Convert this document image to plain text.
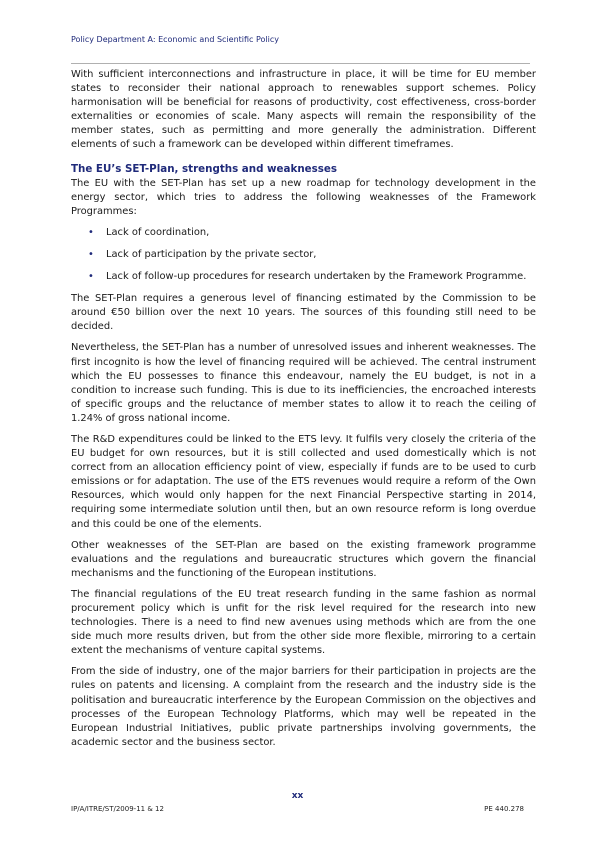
Policy Department A: Economic and Scientific Policy

With sufficient interconnections and infrastructure in place, it will be time for EU member states to reconsider their national approach to renewables support schemes. Policy harmonisation will be beneficial for reasons of productivity, cost effectiveness, cross-border externalities or economies of scale. Many aspects will remain the responsibility of the member states, such as permitting and more generally the administration. Different elements of such a framework can be developed within different timeframes.

The EU’s SET-Plan, strengths and weaknesses

The EU with the SET-Plan has set up a new roadmap for technology development in the energy sector, which tries to address the following weaknesses of the Framework Programmes:

• Lack of coordination,
• Lack of participation by the private sector,
• Lack of follow-up procedures for research undertaken by the Framework Programme.

The SET-Plan requires a generous level of financing estimated by the Commission to be around €50 billion over the next 10 years. The sources of this founding still need to be decided.

Nevertheless, the SET-Plan has a number of unresolved issues and inherent weaknesses. The first incognito is how the level of financing required will be achieved. The central instrument which the EU possesses to finance this endeavour, namely the EU budget, is not in a condition to increase such funding. This is due to its inefficiencies, the encroached interests of specific groups and the reluctance of member states to allow it to reach the ceiling of 1.24% of gross national income.

The R&D expenditures could be linked to the ETS levy. It fulfils very closely the criteria of the EU budget for own resources, but it is still collected and used domestically which is not correct from an allocation efficiency point of view, especially if funds are to be used to curb emissions or for adaptation. The use of the ETS revenues would require a reform of the Own Resources, which would only happen for the next Financial Perspective starting in 2014, requiring some intermediate solution until then, but an own resource reform is long overdue and this could be one of the elements.

Other weaknesses of the SET-Plan are based on the existing framework programme evaluations and the regulations and bureaucratic structures which govern the financial mechanisms and the functioning of the European institutions.

The financial regulations of the EU treat research funding in the same fashion as normal procurement policy which is unfit for the risk level required for the research into new technologies. There is a need to find new avenues using methods which are from the one side much more results driven, but from the other side more flexible, mirroring to a certain extent the mechanisms of venture capital systems.

From the side of industry, one of the major barriers for their participation in projects are the rules on patents and licensing. A complaint from the research and the industry side is the politisation and bureaucratic interference by the European Commission on the objectives and processes of the European Technology Platforms, which may well be repeated in the European Industrial Initiatives, public private partnerships involving governments, the academic sector and the business sector.

xx
IP/A/ITRE/ST/2009-11 & 12	PE 440.278
